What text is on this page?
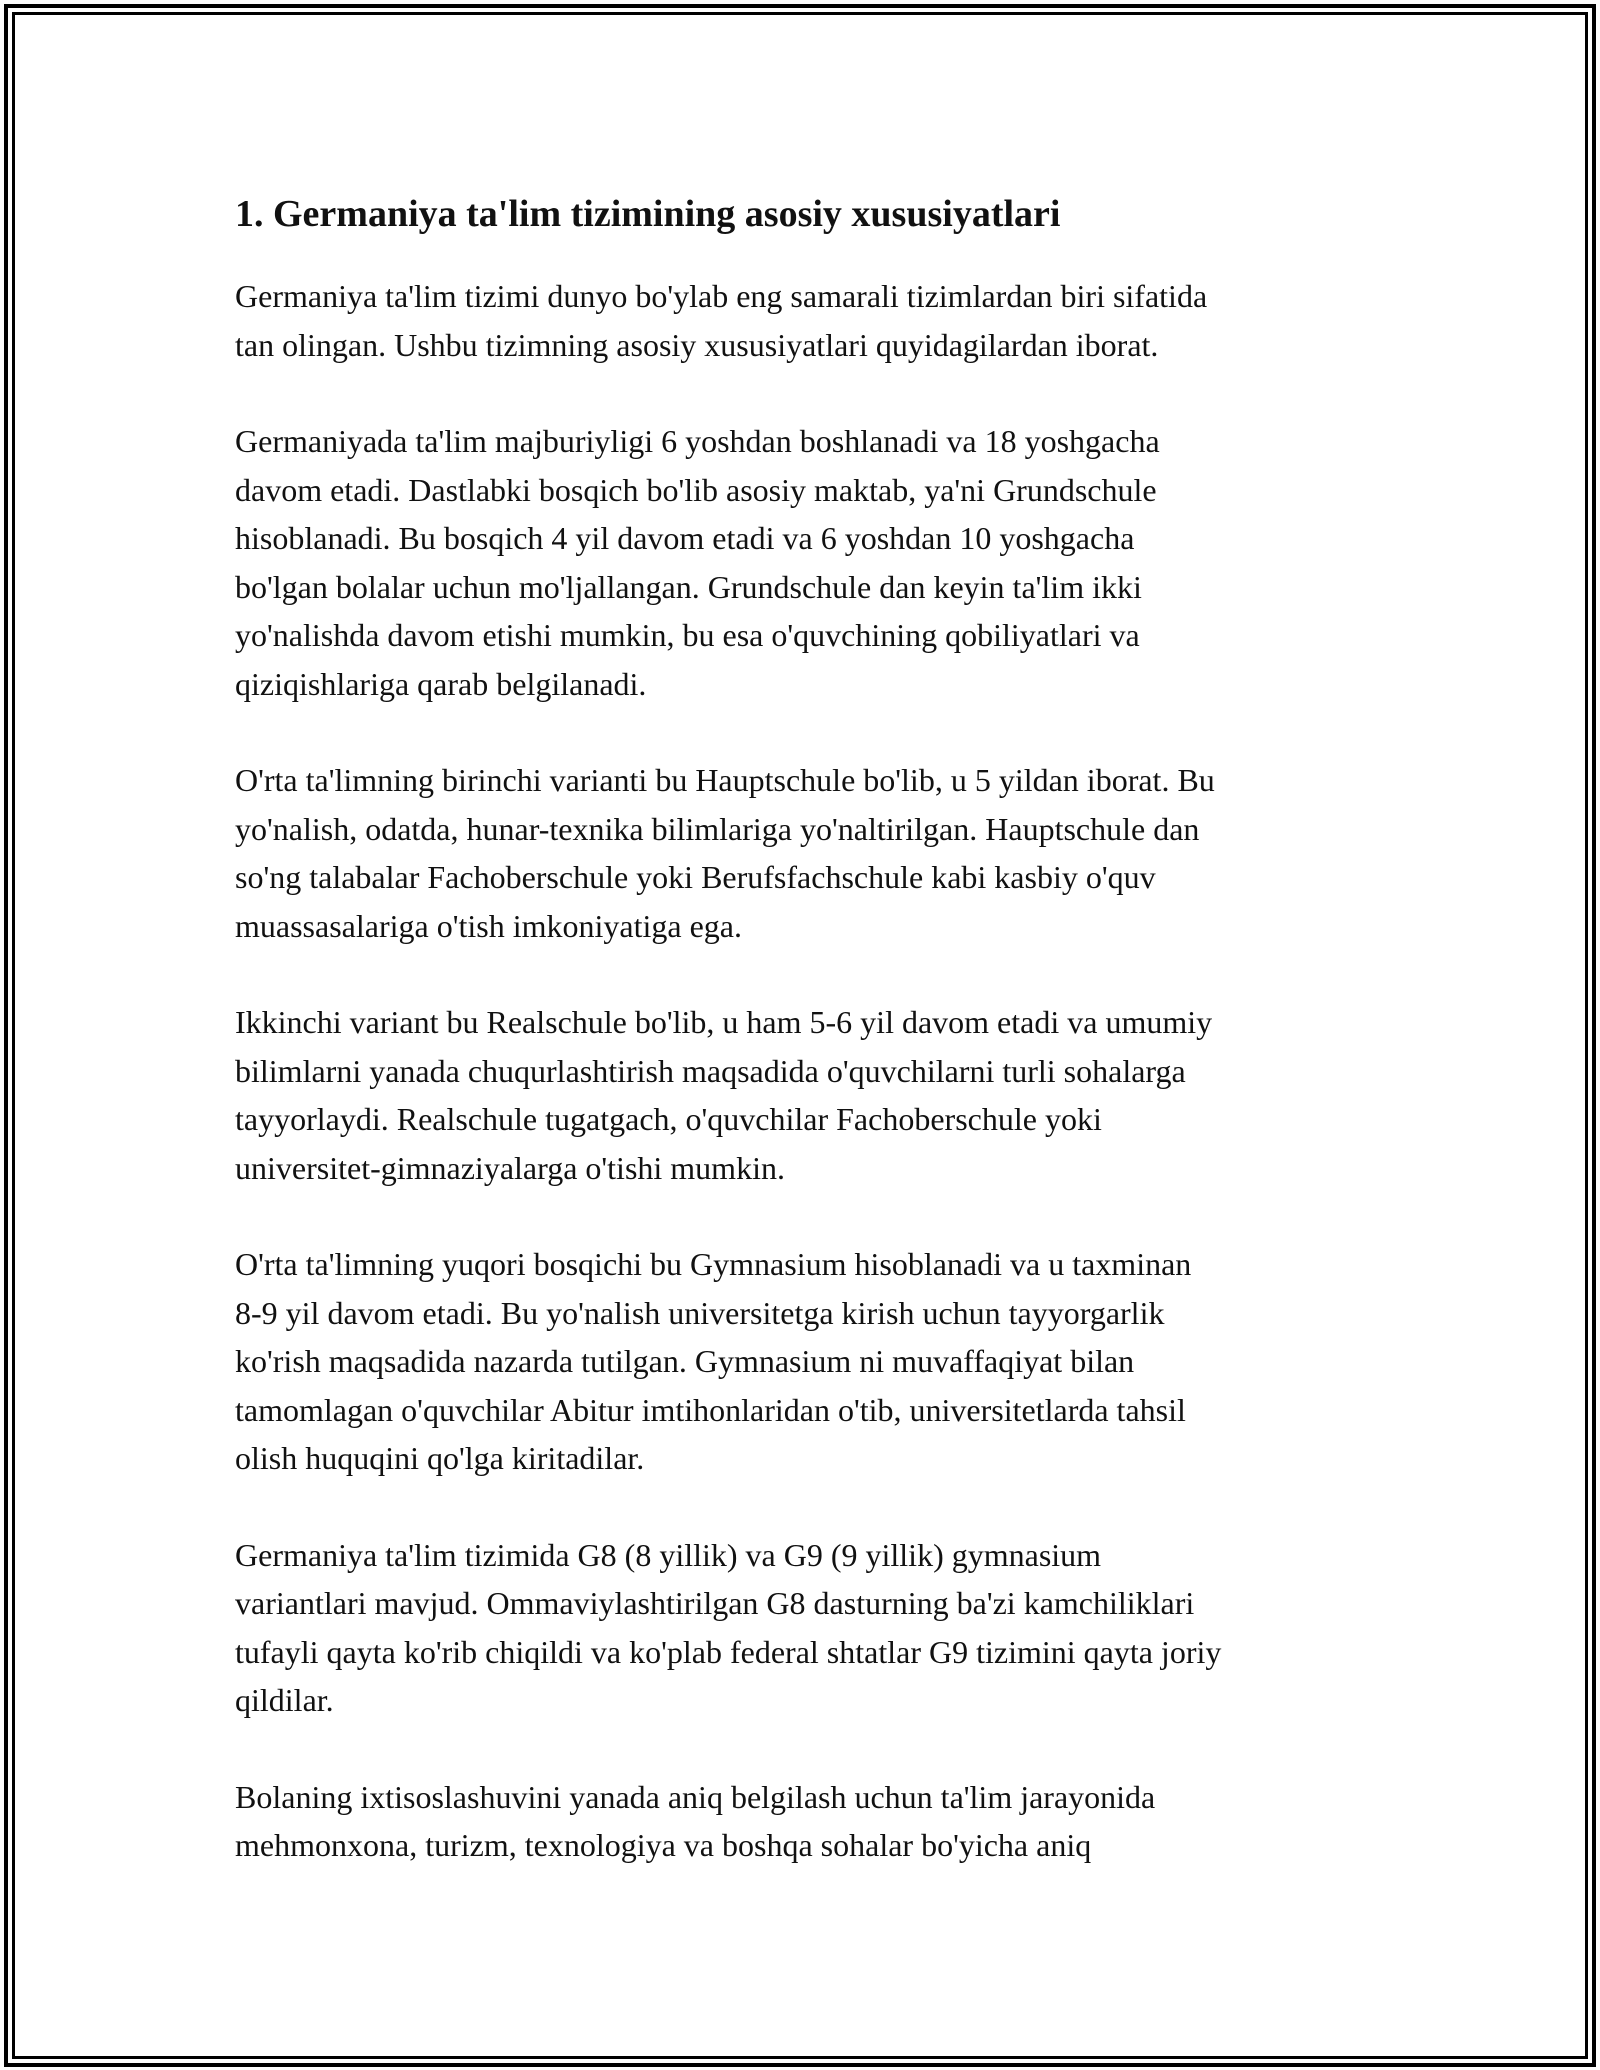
1. Germaniya ta'lim tizimining asosiy xususiyatlari

Germaniya ta'lim tizimi dunyo bo'ylab eng samarali tizimlardan biri sifatida
tan olingan. Ushbu tizimning asosiy xususiyatlari quyidagilardan iborat.

Germaniyada ta'lim majburiyligi 6 yoshdan boshlanadi va 18 yoshgacha
davom etadi. Dastlabki bosqich bo'lib asosiy maktab, ya'ni Grundschule
hisoblanadi. Bu bosqich 4 yil davom etadi va 6 yoshdan 10 yoshgacha
bo'lgan bolalar uchun mo'ljallangan. Grundschule dan keyin ta'lim ikki
yo'nalishda davom etishi mumkin, bu esa o'quvchining qobiliyatlari va
qiziqishlariga qarab belgilanadi.

O'rta ta'limning birinchi varianti bu Hauptschule bo'lib, u 5 yildan iborat. Bu
yo'nalish, odatda, hunar-texnika bilimlariga yo'naltirilgan. Hauptschule dan
so'ng talabalar Fachoberschule yoki Berufsfachschule kabi kasbiy o'quv
muassasalariga o'tish imkoniyatiga ega.

Ikkinchi variant bu Realschule bo'lib, u ham 5-6 yil davom etadi va umumiy
bilimlarni yanada chuqurlashtirish maqsadida o'quvchilarni turli sohalarga
tayyorlaydi. Realschule tugatgach, o'quvchilar Fachoberschule yoki
universitet-gimnaziyalarga o'tishi mumkin.

O'rta ta'limning yuqori bosqichi bu Gymnasium hisoblanadi va u taxminan
8-9 yil davom etadi. Bu yo'nalish universitetga kirish uchun tayyorgarlik
ko'rish maqsadida nazarda tutilgan. Gymnasium ni muvaffaqiyat bilan
tamomlagan o'quvchilar Abitur imtihonlaridan o'tib, universitetlarda tahsil
olish huquqini qo'lga kiritadilar.

Germaniya ta'lim tizimida G8 (8 yillik) va G9 (9 yillik) gymnasium
variantlari mavjud. Ommaviylashtirilgan G8 dasturning ba'zi kamchiliklari
tufayli qayta ko'rib chiqildi va ko'plab federal shtatlar G9 tizimini qayta joriy
qildilar.

Bolaning ixtisoslashuvini yanada aniq belgilash uchun ta'lim jarayonida
mehmonxona, turizm, texnologiya va boshqa sohalar bo'yicha aniq
